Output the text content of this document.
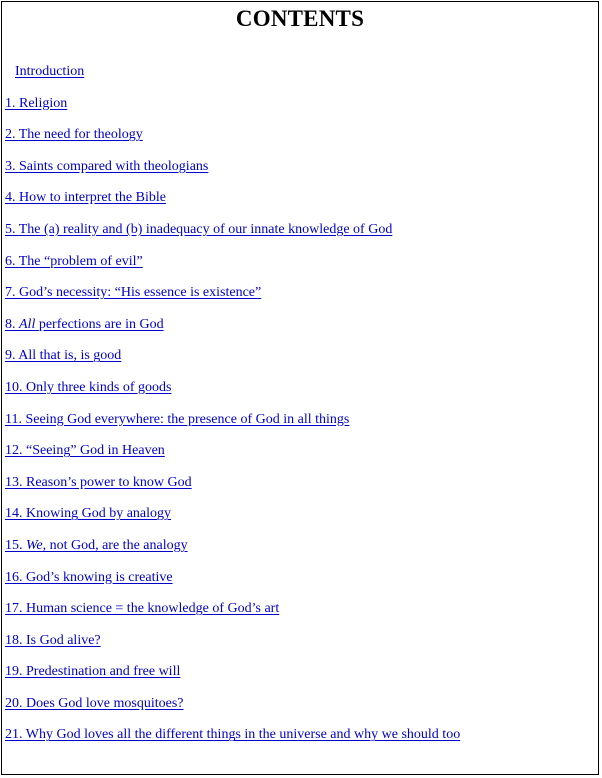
CONTENTS
Introduction
1. Religion
2. The need for theology
3. Saints compared with theologians
4. How to interpret the Bible
5. The (a) reality and (b) inadequacy of our innate knowledge of God
6. The “problem of evil”
7. God’s necessity: “His essence is existence”
8. All perfections are in God
9. All that is, is good
10. Only three kinds of goods
11. Seeing God everywhere: the presence of God in all things
12. “Seeing” God in Heaven
13. Reason’s power to know God
14. Knowing God by analogy
15. We, not God, are the analogy
16. God’s knowing is creative
17. Human science = the knowledge of God’s art
18. Is God alive?
19. Predestination and free will
20. Does God love mosquitoes?
21. Why God loves all the different things in the universe and why we should too
